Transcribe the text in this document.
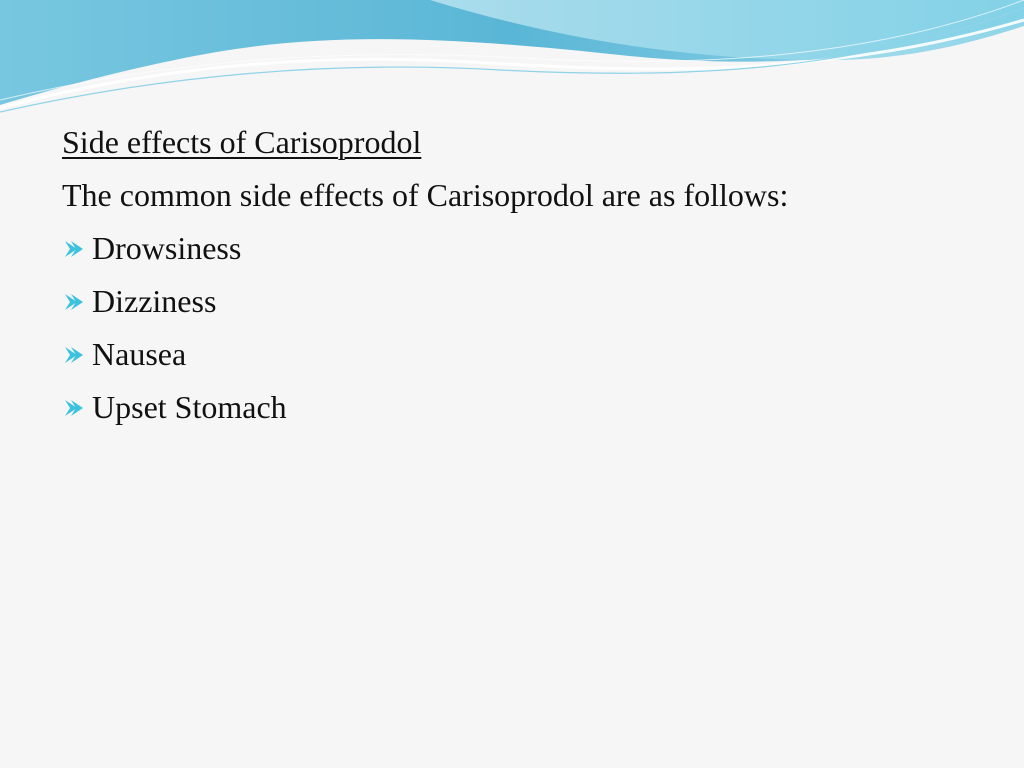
Side effects of Carisoprodol
The common side effects of Carisoprodol are as follows:
Drowsiness
Dizziness
Nausea
Upset Stomach
